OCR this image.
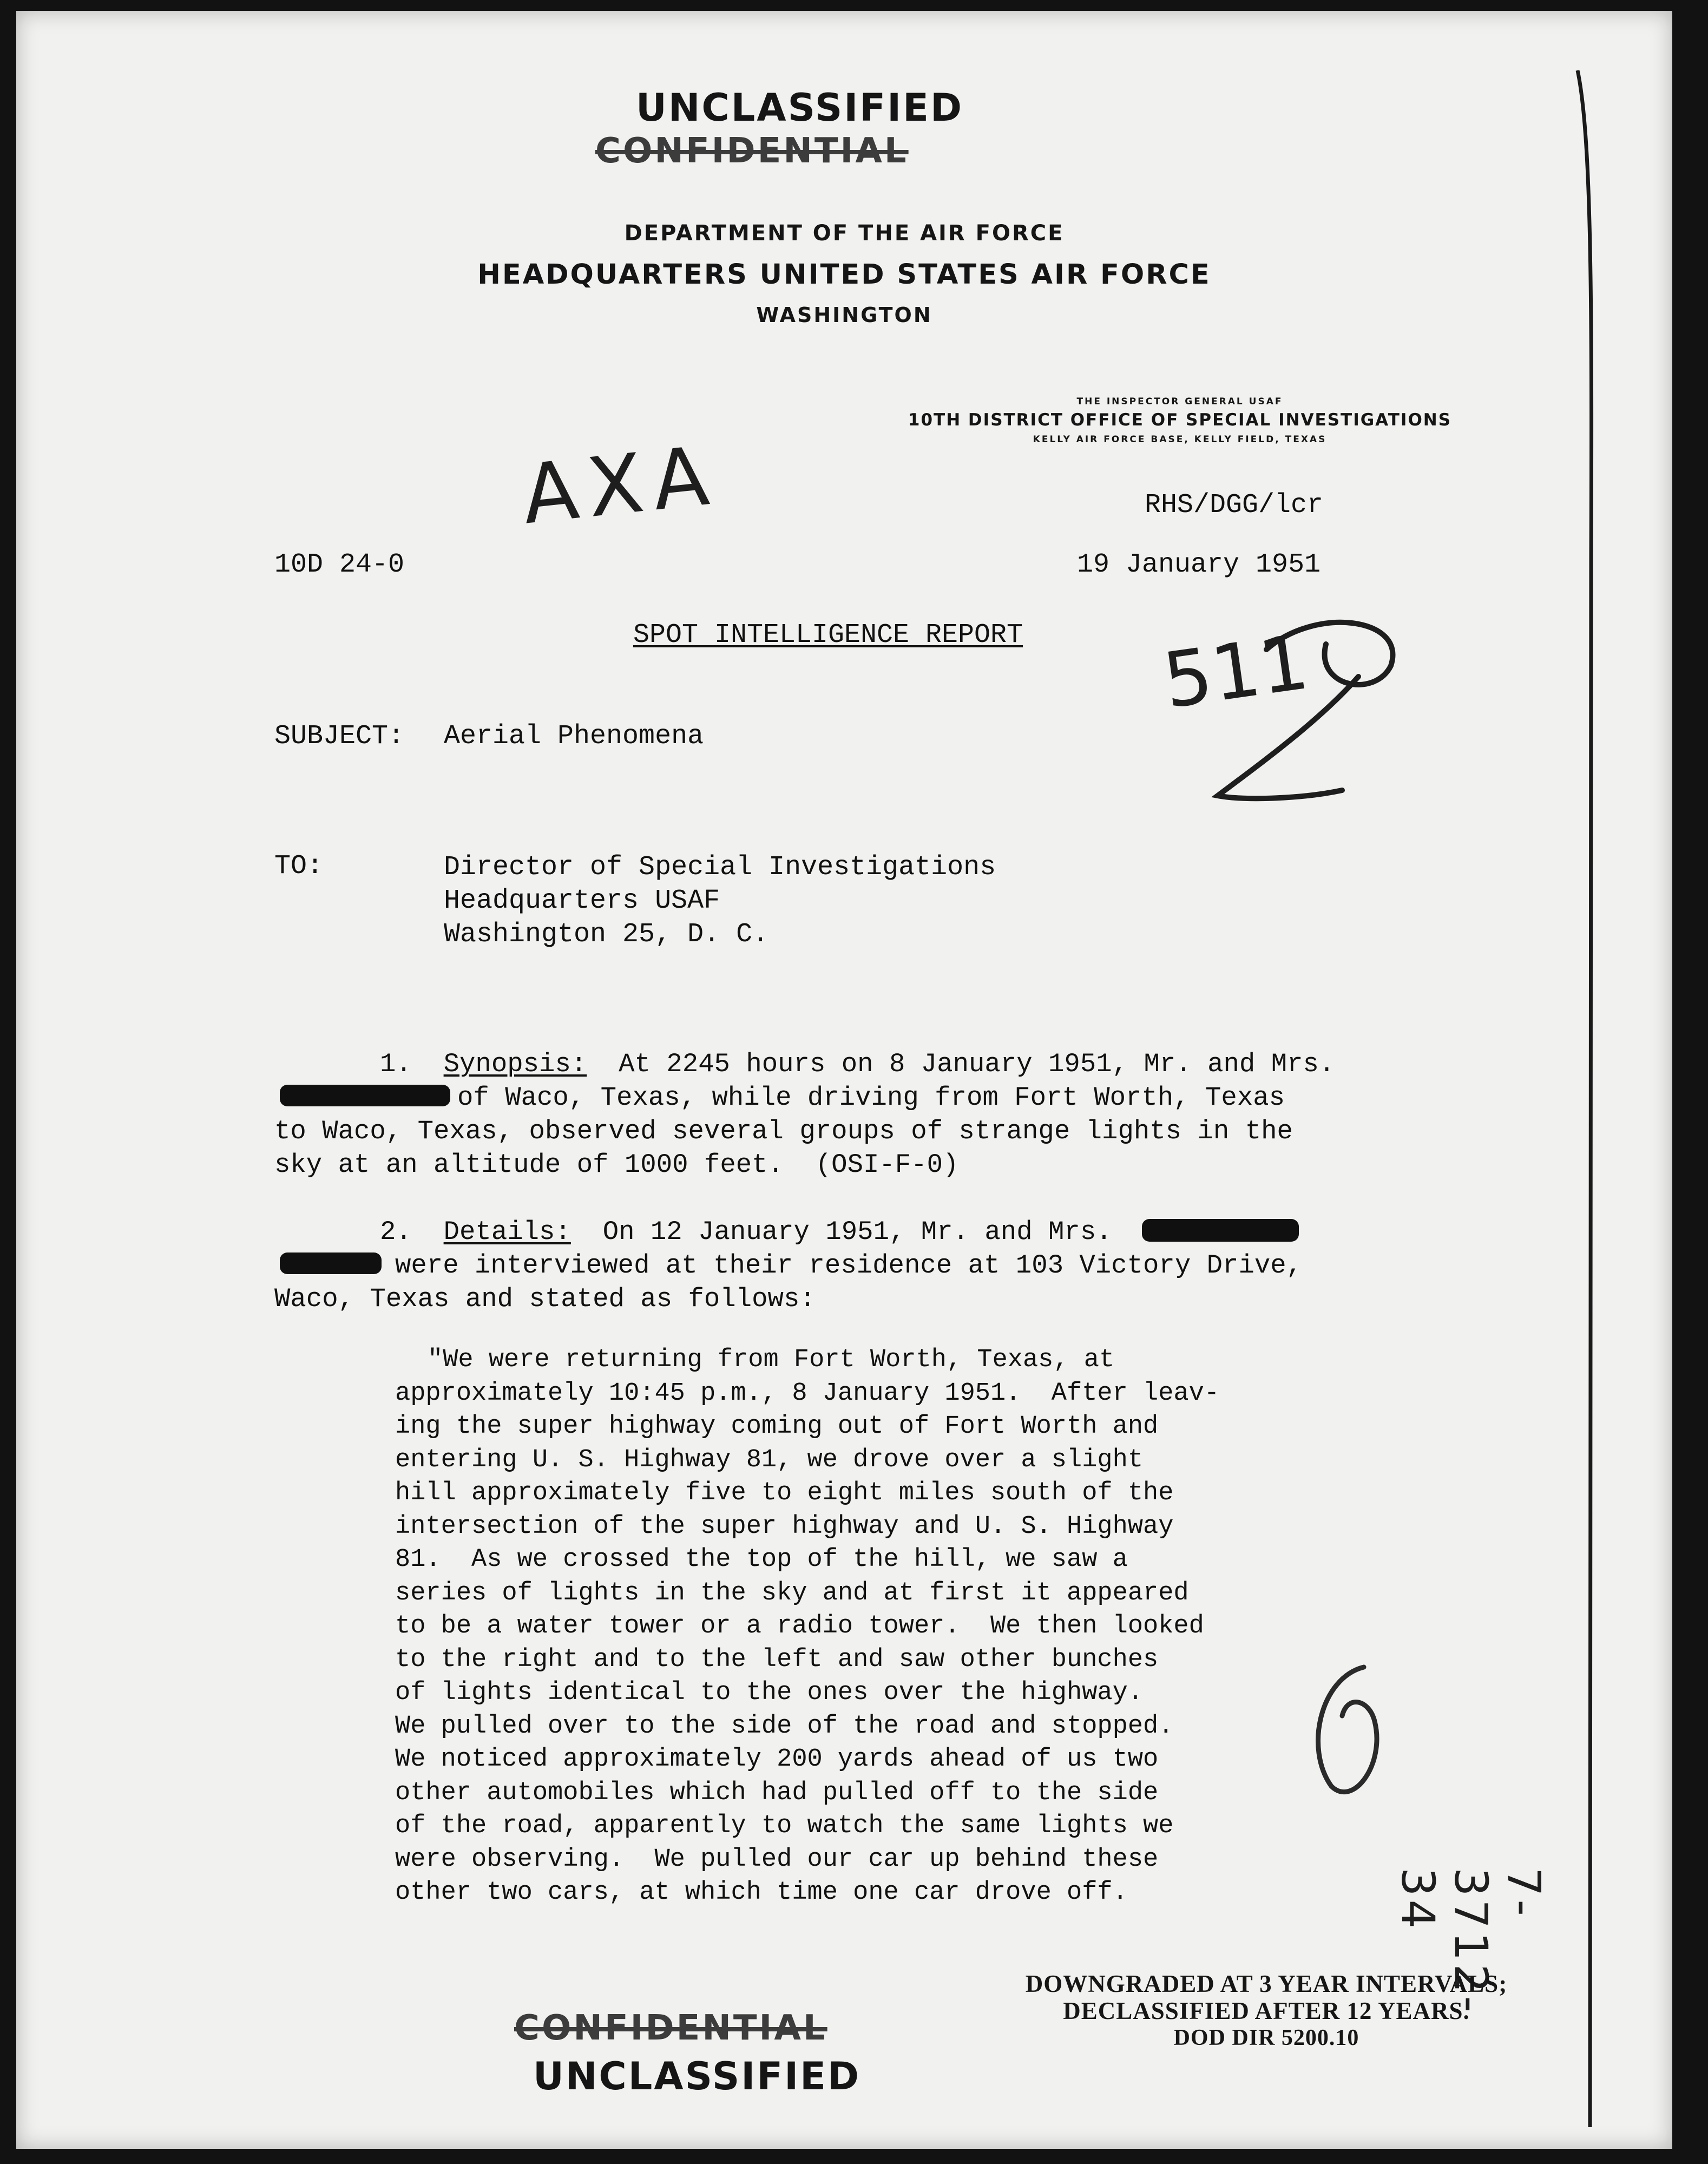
UNCLASSIFIED
CONFIDENTIAL
DEPARTMENT OF THE AIR FORCE
HEADQUARTERS UNITED STATES AIR FORCE
WASHINGTON
THE INSPECTOR GENERAL USAF
10TH DISTRICT OFFICE OF SPECIAL INVESTIGATIONS
KELLY AIR FORCE BASE, KELLY FIELD, TEXAS
AXA	RHS/DGG/lcr
10D 24-0	19 January 1951
511
SPOT INTELLIGENCE REPORT
SUBJECT: Aerial Phenomena
TO:	Director of Special Investigations
Headquarters USAF
Washington 25, D. C.
1. Synopsis: At 2245 hours on 8 January 1951, Mr. and Mrs.
of Waco, Texas, while driving from Fort Worth, Texas
to Waco, Texas, observed several groups of strange lights in the
sky at an altitude of 1000 feet.  (OSI-F-0)
2. Details: On 12 January 1951, Mr. and Mrs.
were interviewed at their residence at 103 Victory Drive,
Waco, Texas and stated as follows:
"We were returning from Fort Worth, Texas, at
approximately 10:45 p.m., 8 January 1951.  After leav-
ing the super highway coming out of Fort Worth and
entering U. S. Highway 81, we drove over a slight
hill approximately five to eight miles south of the
intersection of the super highway and U. S. Highway
81.  As we crossed the top of the hill, we saw a
series of lights in the sky and at first it appeared
to be a water tower or a radio tower.  We then looked
to the right and to the left and saw other bunches
of lights identical to the ones over the highway.
We pulled over to the side of the road and stopped.
We noticed approximately 200 yards ahead of us two
other automobiles which had pulled off to the side
of the road, apparently to watch the same lights we
were observing.  We pulled our car up behind these
other two cars, at which time one car drove off.	7-3712-34
DOWNGRADED AT 3 YEAR INTERVALS;
DECLASSIFIED AFTER 12 YEARS.
DOD DIR 5200.10
CONFIDENTIAL
UNCLASSIFIED
